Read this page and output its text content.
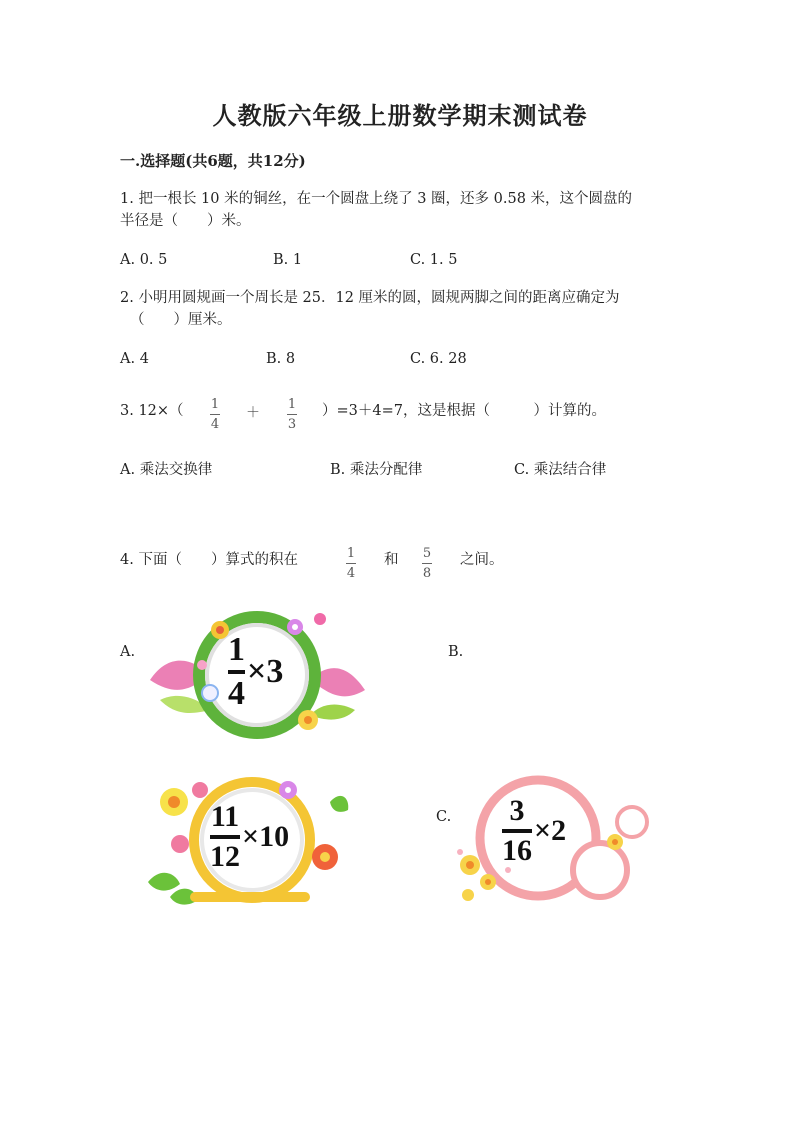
人教版六年级上册数学期末测试卷
一.选择题(共6题，共12分)
1. 把一根长 10 米的铜丝，在一个圆盘上绕了 3 圈，还多 0.58 米，这个圆盘的
半径是（　　）米。
A. 0. 5	B. 1	C. 1. 5
2. 小明用圆规画一个周长是 25．12 厘米的圆，圆规两脚之间的距离应确定为
（　　）厘米。
A. 4	B. 8	C. 6. 28
3. 12×（ 1
4
＋
1
3
）=3＋4=7，这是根据（　　　）计算的。
A. 乘法交换律	B. 乘法分配律	C. 乘法结合律
4. 下面（　　）算式的积在	1
4
和 5
8
之间。
A.	B.
C.
1
4
×3
11
12
×10
3
16
×2
